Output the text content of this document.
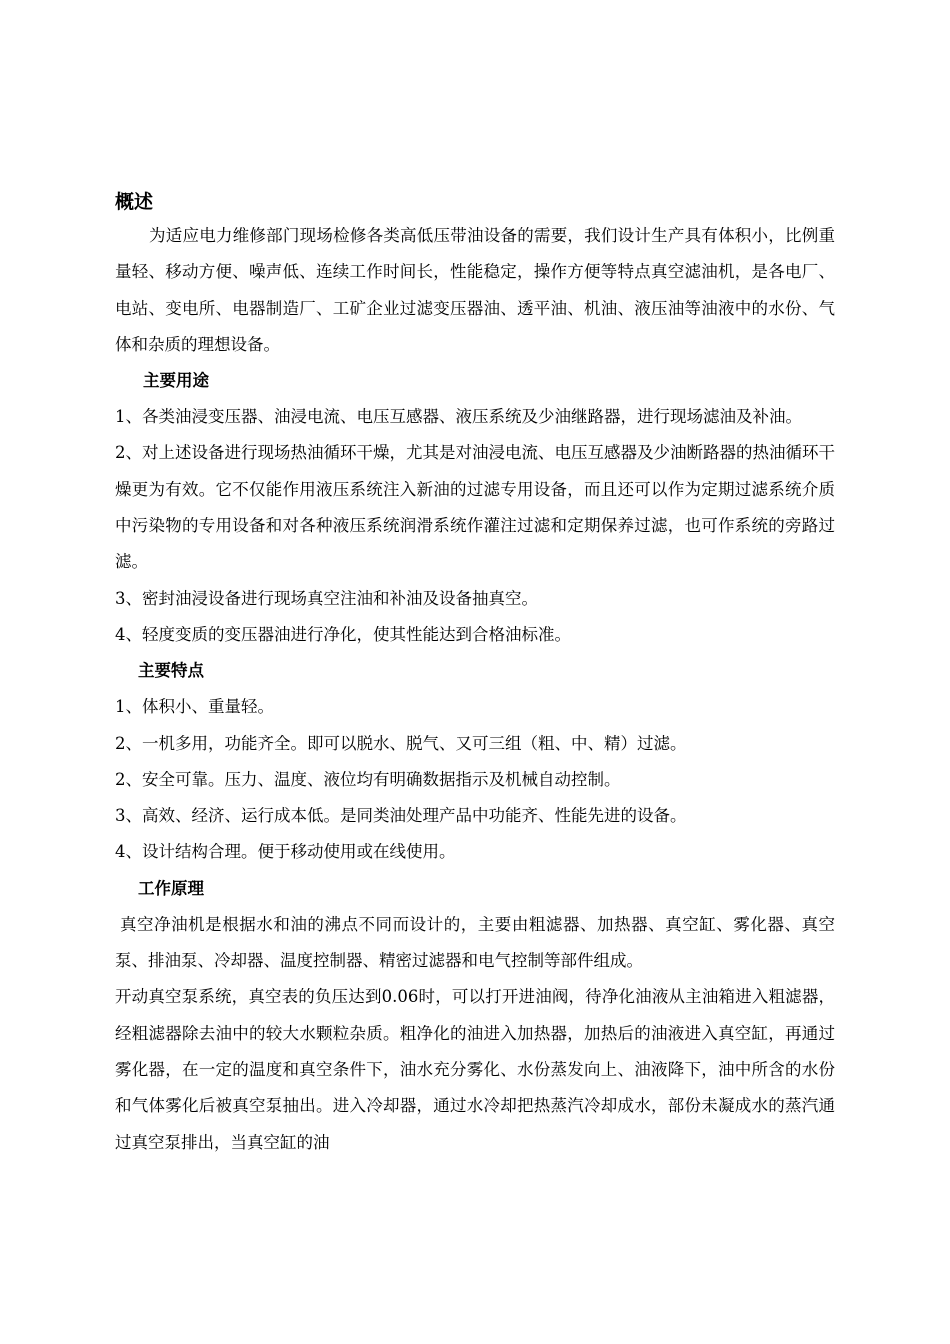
概述

为适应电力维修部门现场检修各类高低压带油设备的需要，我们设计生产具有体积小，比例重量轻、移动方便、噪声低、连续工作时间长，性能稳定，操作方便等特点真空滤油机，是各电厂、电站、变电所、电器制造厂、工矿企业过滤变压器油、透平油、机油、液压油等油液中的水份、气体和杂质的理想设备。

主要用途

1、各类油浸变压器、油浸电流、电压互感器、液压系统及少油继路器，进行现场滤油及补油。

2、对上述设备进行现场热油循环干燥，尤其是对油浸电流、电压互感器及少油断路器的热油循环干燥更为有效。它不仅能作用液压系统注入新油的过滤专用设备，而且还可以作为定期过滤系统介质中污染物的专用设备和对各种液压系统润滑系统作灌注过滤和定期保养过滤，也可作系统的旁路过滤。

3、密封油浸设备进行现场真空注油和补油及设备抽真空。

4、轻度变质的变压器油进行净化，使其性能达到合格油标准。

主要特点

1、体积小、重量轻。

2、一机多用，功能齐全。即可以脱水、脱气、又可三组（粗、中、精）过滤。

2、安全可靠。压力、温度、液位均有明确数据指示及机械自动控制。

3、高效、经济、运行成本低。是同类油处理产品中功能齐、性能先进的设备。

4、设计结构合理。便于移动使用或在线使用。

工作原理

真空净油机是根据水和油的沸点不同而设计的，主要由粗滤器、加热器、真空缸、雾化器、真空泵、排油泵、冷却器、温度控制器、精密过滤器和电气控制等部件组成。

开动真空泵系统，真空表的负压达到0.06时，可以打开进油阀，待净化油液从主油箱进入粗滤器，经粗滤器除去油中的较大水颗粒杂质。粗净化的油进入加热器，加热后的油液进入真空缸，再通过雾化器，在一定的温度和真空条件下，油水充分雾化、水份蒸发向上、油液降下，油中所含的水份和气体雾化后被真空泵抽出。进入冷却器，通过水冷却把热蒸汽冷却成水，部份未凝成水的蒸汽通过真空泵排出，当真空缸的油
